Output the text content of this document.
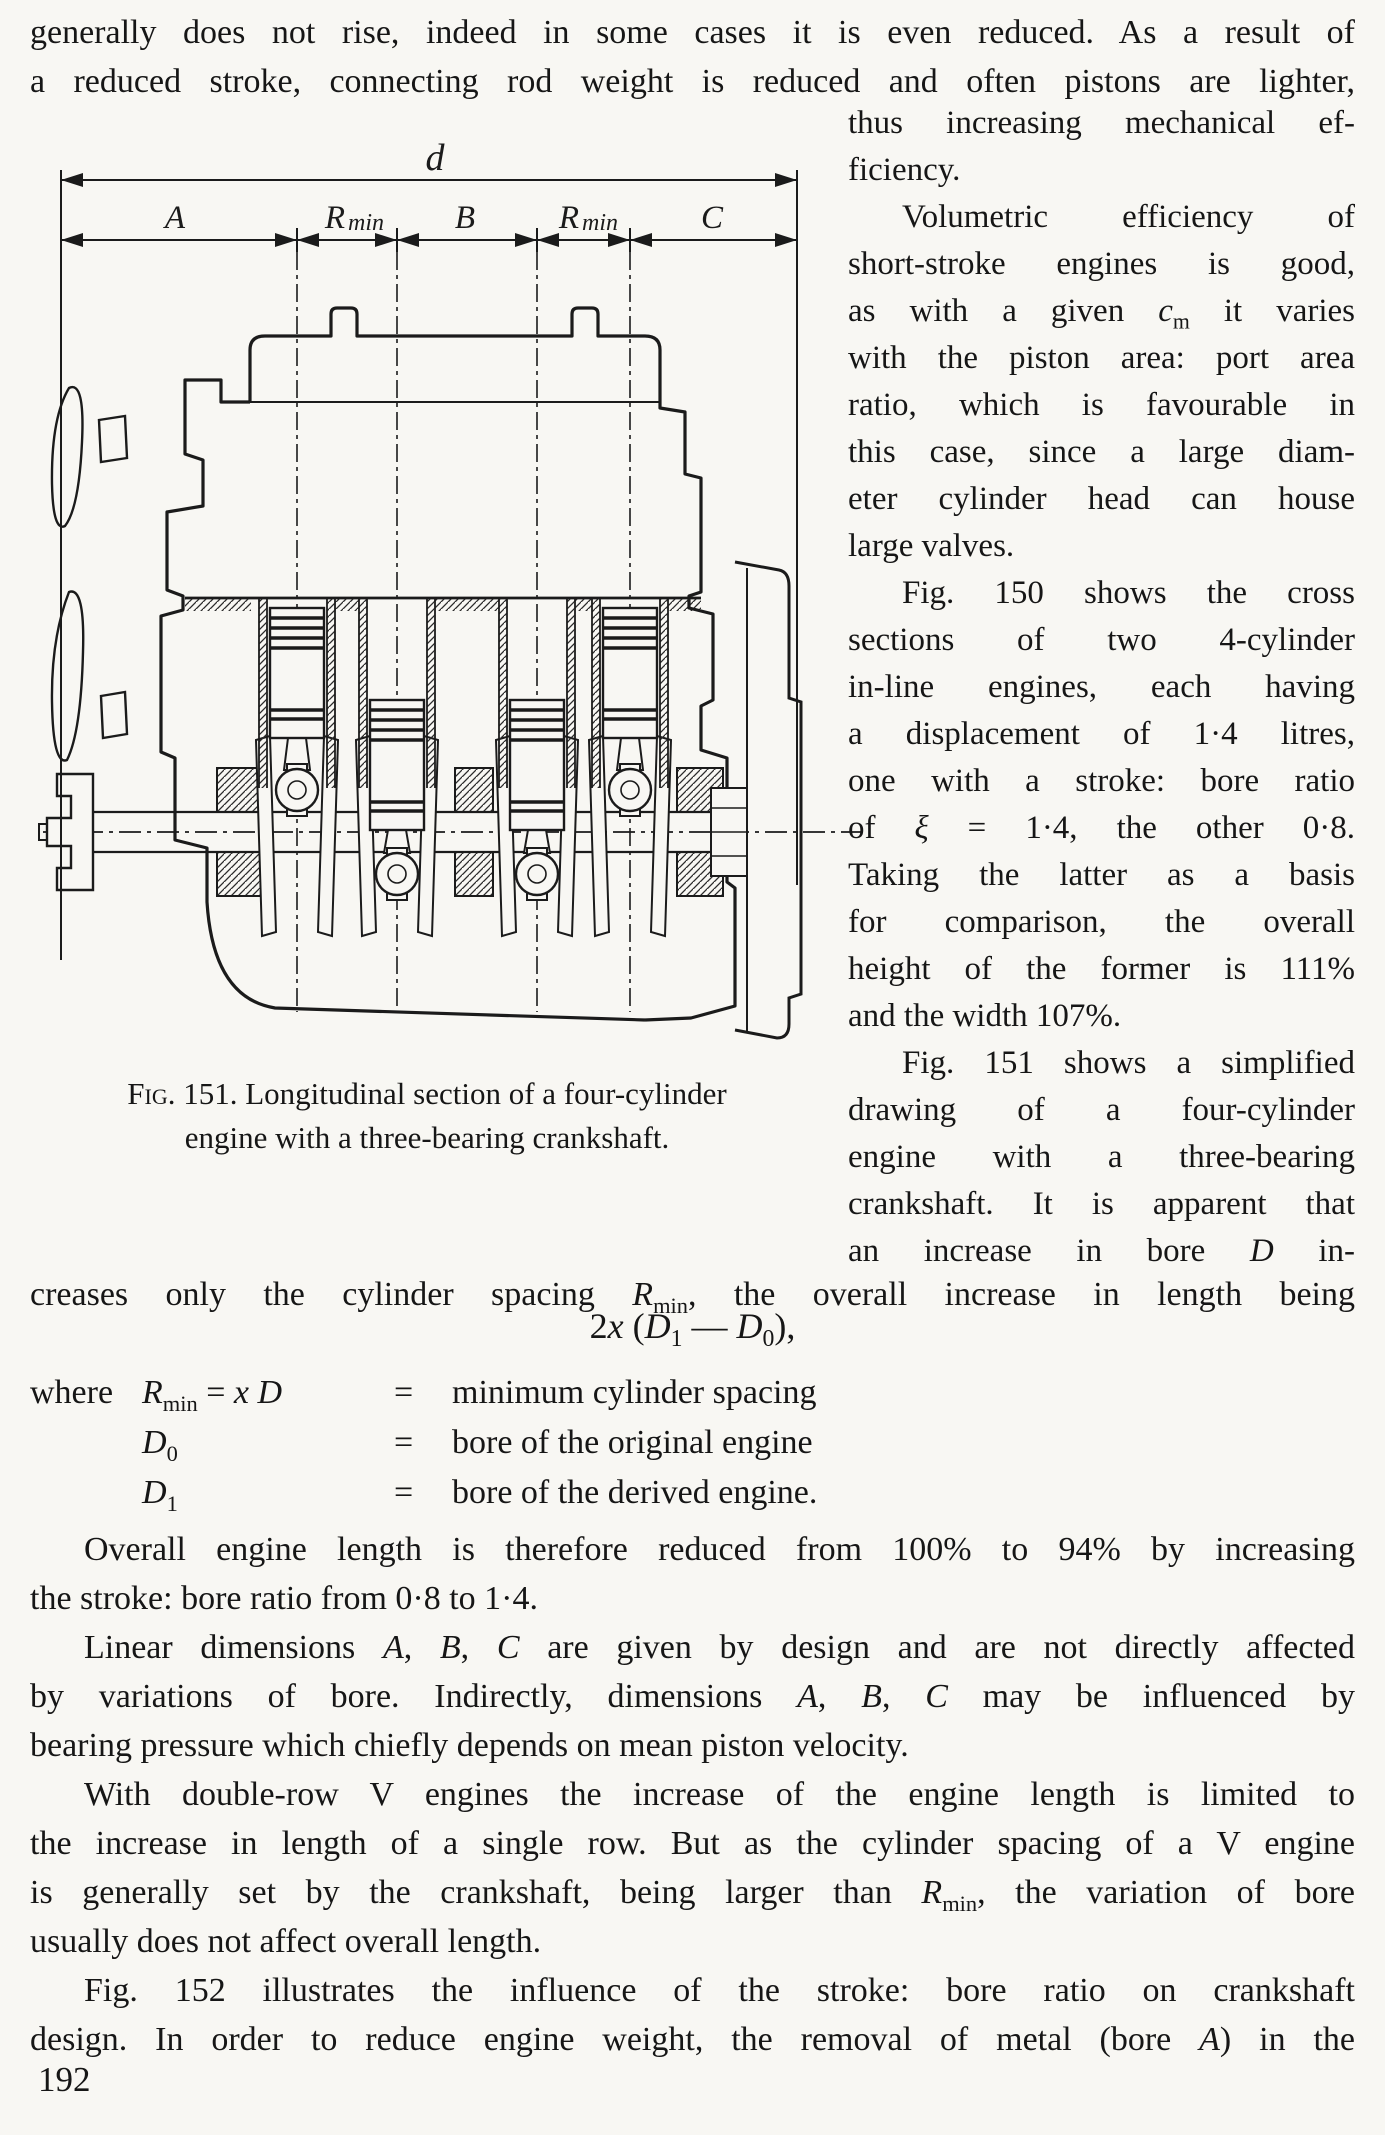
generally does not rise, indeed in some cases it is even reduced. As a result of
a reduced stroke, connecting rod weight is reduced and often pistons are lighter,
d
A	R min B	R min	C
Fig. 151. Longitudinal section of a four-cylinder
engine with a three-bearing crankshaft.
thus increasing mechanical ef-
ficiency.
Volumetric efficiency of
short-stroke engines is good,
as with a given $c_m$ it varies
with the piston area: port area
ratio, which is favourable in
this case, since a large diam-
eter cylinder head can house
large valves.
Fig. 150 shows the cross
sections of two 4-cylinder
in-line engines, each having
a displacement of 1·4 litres,
one with a stroke: bore ratio
of ξ = 1·4, the other 0·8.
Taking the latter as a basis
for comparison, the overall
height of the former is 111%
and the width 107%.
Fig. 151 shows a simplified
drawing of a four-cylinder
engine with a three-bearing
crankshaft. It is apparent that
an increase in bore D in-
creases only the cylinder spacing $R_{min}$, the overall increase in length being
2x ($D_1$ — $D_0$),
where $R_{min} = x$ D	=	minimum cylinder spacing
$D_0$	=	bore of the original engine
$D_1$	=	bore of the derived engine.
Overall engine length is therefore reduced from 100% to 94% by increasing
the stroke: bore ratio from 0·8 to 1·4.
Linear dimensions A, B, C are given by design and are not directly affected
by variations of bore. Indirectly, dimensions A, B, C may be influenced by
bearing pressure which chiefly depends on mean piston velocity.
With double-row V engines the increase of the engine length is limited to
the increase in length of a single row. But as the cylinder spacing of a V engine
is generally set by the crankshaft, being larger than $R_{min}$, the variation of bore
usually does not affect overall length.
Fig. 152 illustrates the influence of the stroke: bore ratio on crankshaft
design. In order to reduce engine weight, the removal of metal (bore A) in the
192
